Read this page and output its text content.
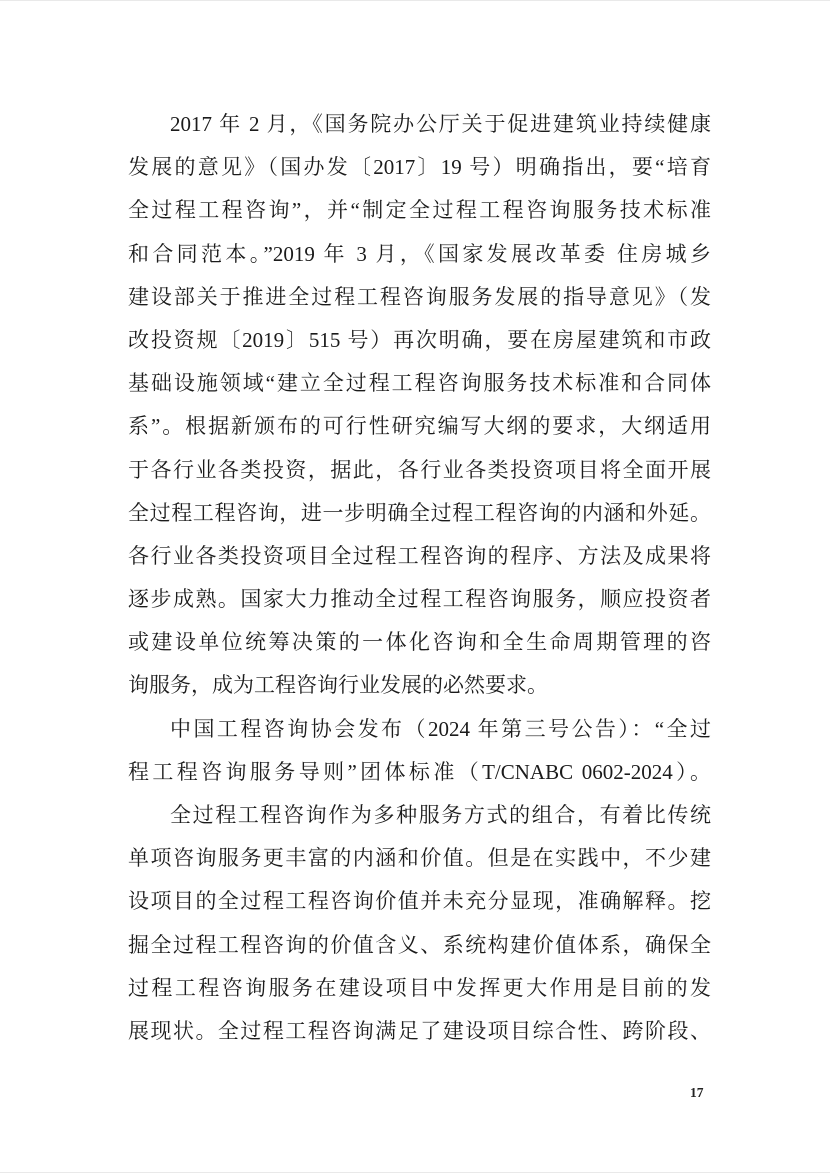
2017 年 2 月，《国务院办公厅关于促进建筑业持续健康
发展的意见》（国办发〔2017〕19 号）明确指出，要“培育
全过程工程咨询”，并“制定全过程工程咨询服务技术标准
和合同范本。”2019 年 3 月，《国家发展改革委 住房城乡
建设部关于推进全过程工程咨询服务发展的指导意见》（发
改投资规〔2019〕515 号）再次明确，要在房屋建筑和市政
基础设施领域“建立全过程工程咨询服务技术标准和合同体
系”。根据新颁布的可行性研究编写大纲的要求，大纲适用
于各行业各类投资，据此，各行业各类投资项目将全面开展
全过程工程咨询，进一步明确全过程工程咨询的内涵和外延。
各行业各类投资项目全过程工程咨询的程序、方法及成果将
逐步成熟。国家大力推动全过程工程咨询服务，顺应投资者
或建设单位统筹决策的一体化咨询和全生命周期管理的咨
询服务，成为工程咨询行业发展的必然要求。
中国工程咨询协会发布（2024 年第三号公告）：“全过
程工程咨询服务导则”团体标准（T/CNABC 0602-2024）。
全过程工程咨询作为多种服务方式的组合，有着比传统
单项咨询服务更丰富的内涵和价值。但是在实践中，不少建
设项目的全过程工程咨询价值并未充分显现，准确解释。挖
掘全过程工程咨询的价值含义、系统构建价值体系，确保全
过程工程咨询服务在建设项目中发挥更大作用是目前的发
展现状。全过程工程咨询满足了建设项目综合性、跨阶段、
17
